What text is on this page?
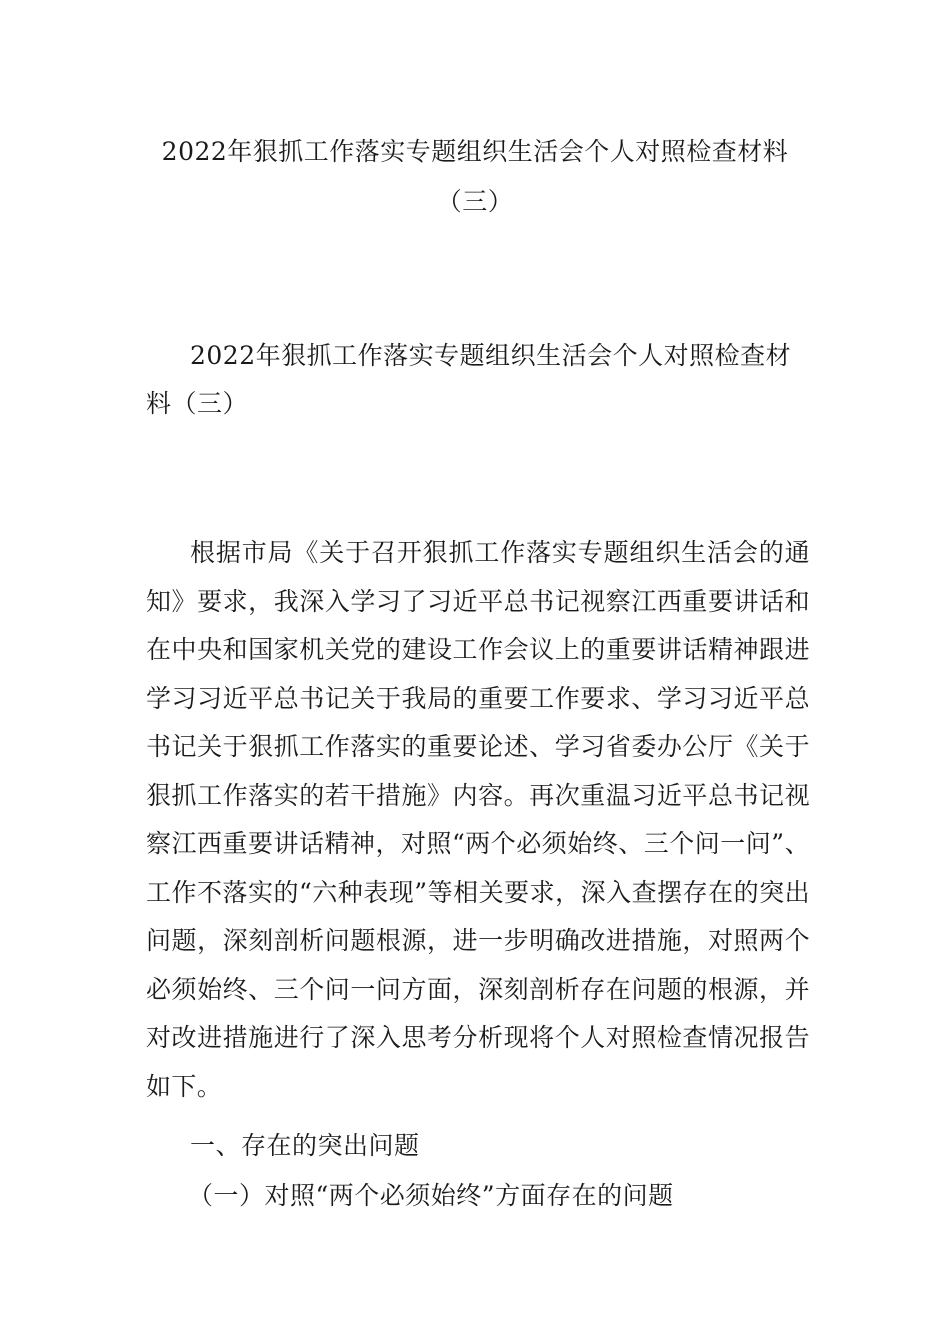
2022年狠抓工作落实专题组织生活会个人对照检查材料
（三）
2022年狠抓工作落实专题组织生活会个人对照检查材料（三）
根据市局《关于召开狠抓工作落实专题组织生活会的通知》要求，我深入学习了习近平总书记视察江西重要讲话和在中央和国家机关党的建设工作会议上的重要讲话精神跟进学习习近平总书记关于我局的重要工作要求、学习习近平总书记关于狠抓工作落实的重要论述、学习省委办公厅《关于狠抓工作落实的若干措施》内容。再次重温习近平总书记视察江西重要讲话精神，对照“两个必须始终、三个问一问”、工作不落实的“六种表现”等相关要求，深入查摆存在的突出问题，深刻剖析问题根源，进一步明确改进措施，对照两个必须始终、三个问一问方面，深刻剖析存在问题的根源，并对改进措施进行了深入思考分析现将个人对照检查情况报告如下。
一、存在的突出问题
（一）对照“两个必须始终”方面存在的问题
